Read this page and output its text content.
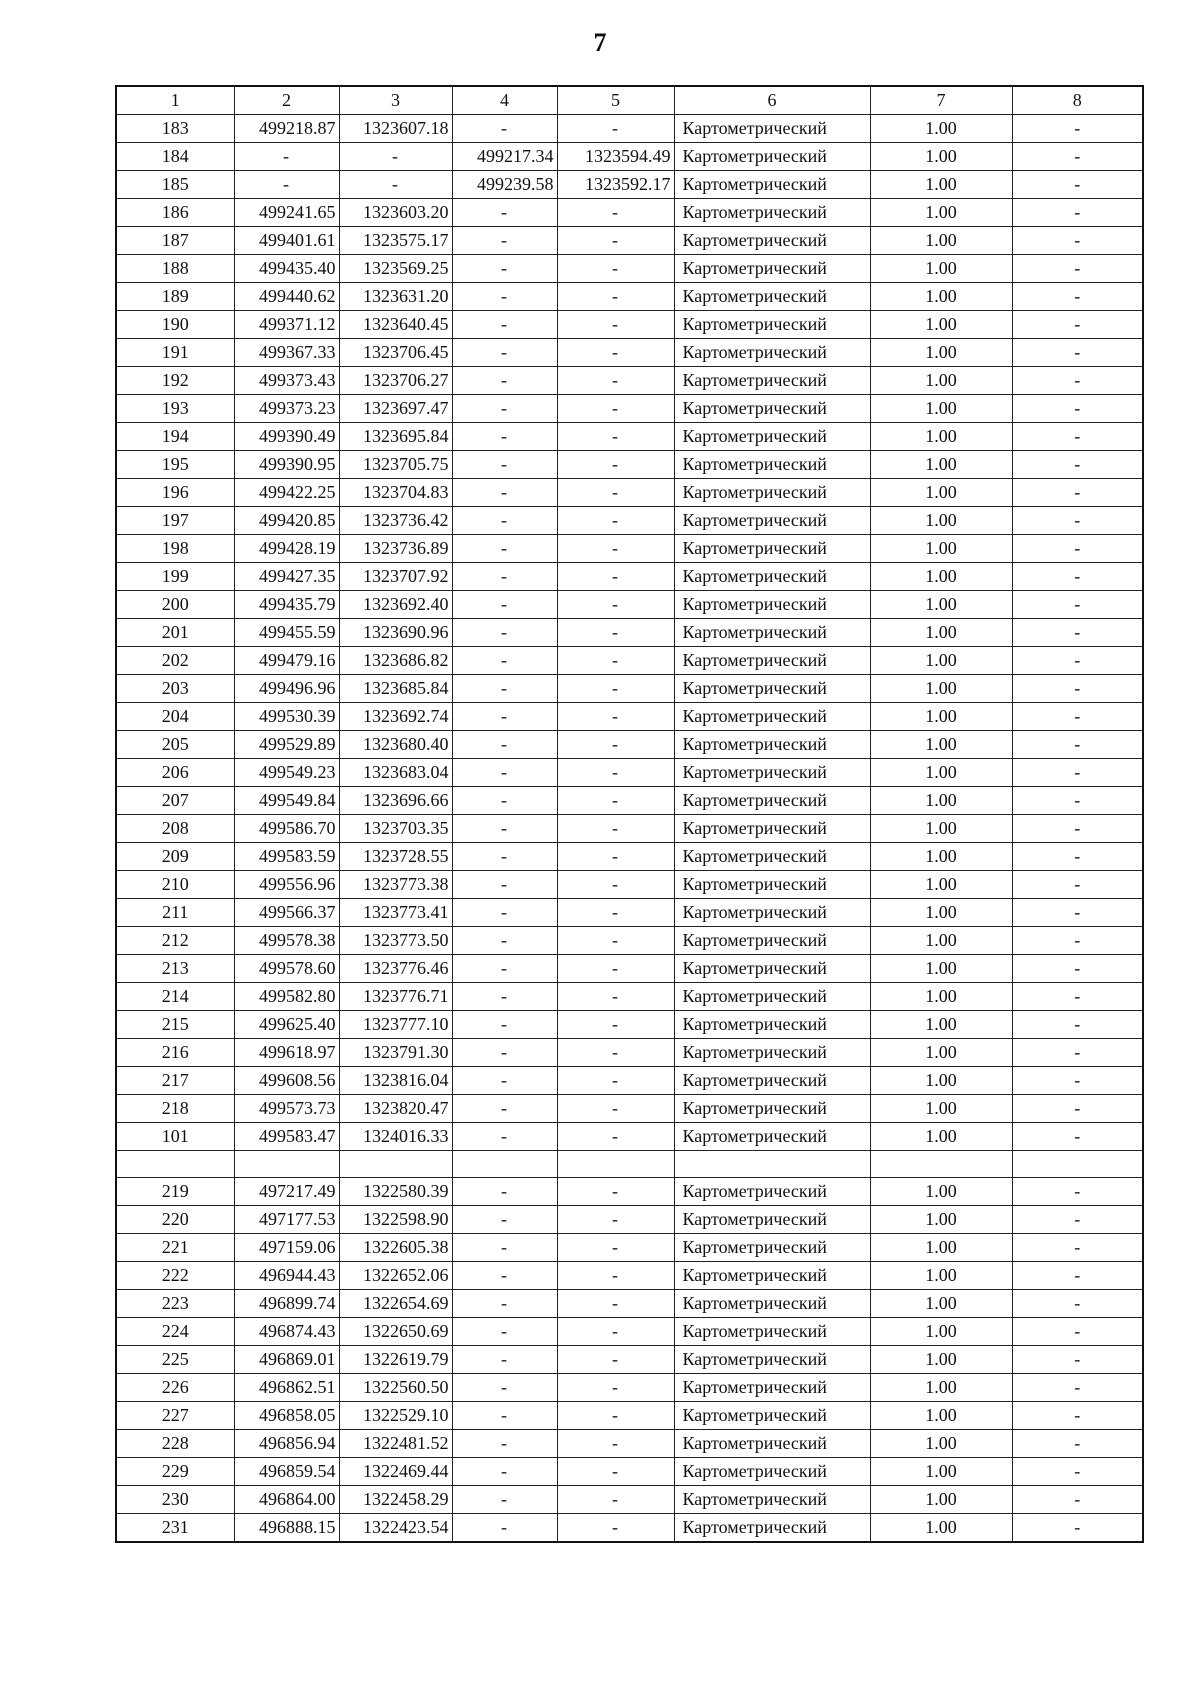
7
1	2	3	4	5	6	7	8
183	499218.87	1323607.18	-	-	Картометрический	1.00	-
184	-	-	499217.34	1323594.49	Картометрический	1.00	-
185	-	-	499239.58	1323592.17	Картометрический	1.00	-
186	499241.65	1323603.20	-	-	Картометрический	1.00	-
187	499401.61	1323575.17	-	-	Картометрический	1.00	-
188	499435.40	1323569.25	-	-	Картометрический	1.00	-
189	499440.62	1323631.20	-	-	Картометрический	1.00	-
190	499371.12	1323640.45	-	-	Картометрический	1.00	-
191	499367.33	1323706.45	-	-	Картометрический	1.00	-
192	499373.43	1323706.27	-	-	Картометрический	1.00	-
193	499373.23	1323697.47	-	-	Картометрический	1.00	-
194	499390.49	1323695.84	-	-	Картометрический	1.00	-
195	499390.95	1323705.75	-	-	Картометрический	1.00	-
196	499422.25	1323704.83	-	-	Картометрический	1.00	-
197	499420.85	1323736.42	-	-	Картометрический	1.00	-
198	499428.19	1323736.89	-	-	Картометрический	1.00	-
199	499427.35	1323707.92	-	-	Картометрический	1.00	-
200	499435.79	1323692.40	-	-	Картометрический	1.00	-
201	499455.59	1323690.96	-	-	Картометрический	1.00	-
202	499479.16	1323686.82	-	-	Картометрический	1.00	-
203	499496.96	1323685.84	-	-	Картометрический	1.00	-
204	499530.39	1323692.74	-	-	Картометрический	1.00	-
205	499529.89	1323680.40	-	-	Картометрический	1.00	-
206	499549.23	1323683.04	-	-	Картометрический	1.00	-
207	499549.84	1323696.66	-	-	Картометрический	1.00	-
208	499586.70	1323703.35	-	-	Картометрический	1.00	-
209	499583.59	1323728.55	-	-	Картометрический	1.00	-
210	499556.96	1323773.38	-	-	Картометрический	1.00	-
211	499566.37	1323773.41	-	-	Картометрический	1.00	-
212	499578.38	1323773.50	-	-	Картометрический	1.00	-
213	499578.60	1323776.46	-	-	Картометрический	1.00	-
214	499582.80	1323776.71	-	-	Картометрический	1.00	-
215	499625.40	1323777.10	-	-	Картометрический	1.00	-
216	499618.97	1323791.30	-	-	Картометрический	1.00	-
217	499608.56	1323816.04	-	-	Картометрический	1.00	-
218	499573.73	1323820.47	-	-	Картометрический	1.00	-
101	499583.47	1324016.33	-	-	Картометрический	1.00	-

219	497217.49	1322580.39	-	-	Картометрический	1.00	-
220	497177.53	1322598.90	-	-	Картометрический	1.00	-
221	497159.06	1322605.38	-	-	Картометрический	1.00	-
222	496944.43	1322652.06	-	-	Картометрический	1.00	-
223	496899.74	1322654.69	-	-	Картометрический	1.00	-
224	496874.43	1322650.69	-	-	Картометрический	1.00	-
225	496869.01	1322619.79	-	-	Картометрический	1.00	-
226	496862.51	1322560.50	-	-	Картометрический	1.00	-
227	496858.05	1322529.10	-	-	Картометрический	1.00	-
228	496856.94	1322481.52	-	-	Картометрический	1.00	-
229	496859.54	1322469.44	-	-	Картометрический	1.00	-
230	496864.00	1322458.29	-	-	Картометрический	1.00	-
231	496888.15	1322423.54	-	-	Картометрический	1.00	-
